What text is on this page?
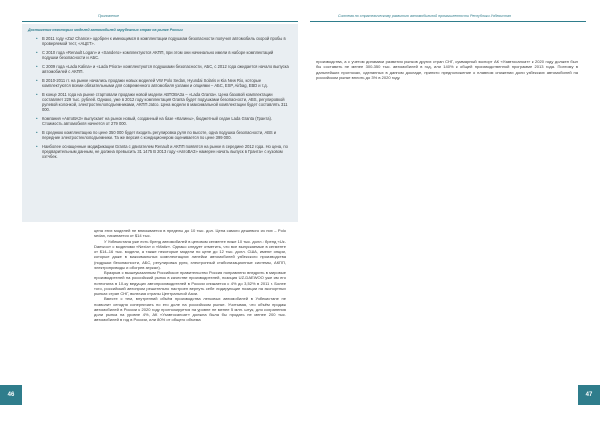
Приложение	Система по стратегическому развитию автомобильной промышленности Республики Узбекистан
Достижения некоторых моделей автомобилей зарубежных стран на рынке России
• В 2011 году «Zaz Chance» одобрен к имеющимся в комплектации подушкам безопасности получил автомобиль скорой пробы в проверяемой тест, «АЦЕТ».
• С 2010 года «Renault Logan» и «Sandero» комплектуются АКПП, при этом они начинально имели в наборе комплектаций подушки безопасности и АБС.
• С 2009 года «Lada Kalina» и «Lada Priora» комплектуются подушками безопасности, АБС, с 2012 года ожидается начало выпуска автомобилей с АКПП.
• В 2010-2011 гг. на рынке начались продажи новых моделей VW Polo Sedan, Hyundai Solaris и Kia New Rio, которые комплектуются всеми обязательными для современного автомобиля узлами и опциями – АБС, ESP, Airbag, EBD и т.д.
• В конце 2011 года на рынке стартовали продажи новой модели АВТОВАЗа – «Lada Granta». Цена базовой комплектации составляет 229 тыс. рублей. Однако, уже в 2012 году комплектация Granta будет подушками безопасности, ABS, регулировкой рулевой колонкой, электростеклоподъемниками, АКПП Jatco. Цена модели в максимальной комплектации будет составлять 311 000.
• Компания «АвтоВАЗ» выпускает на рынок новый, созданный на базе «Калины», бюджетный седан Lada Granta (Гранта). Стоимость автомобиля начнется от 279 000.
• В среднюю комплектацию по цене 350 000 будет входить регулировка руля по высоте, одна подушка безопасности, ABS и передние электростеклоподъемники. Та же версия с кондиционером оценивается по цене 399 000.
• Наиболее оснащенные модификации Granta с двигателем Renault и АКПП появятся на рынке в середине 2012 года. Но цена, по предварительным данным, не должна превысить 31 1475 В 2013 году «АвтоВАЗ» намерен начать выпуск в Гранта» с кузовом хэтчбек.

цена этих моделей не вписывается в пределы до 10 тыс. дол. Цена самого дешевого из них – Polo sedan, начинается от $14 тыс.

У Узбекистана уже есть бренд автомобилей в ценовом сегменте ниже 10 тыс. долл.: бренд «Uz-Daewoo» с моделями «Nexia» и «Matiz». Однако следует отметить, что все выпускаемые в сегменте от $14–16 тыс. модели, а также некоторые модели по цене до 12 тыс. долл. США, имеют опции, которые даже в максимальных комплектациях линейки автомобилей узбекского производства (подушки безопасности, АБС, регулировка руля, электронный стабилизационные системы, АКПП, электроприводы и обогрев зеркал).

Вразрыв с вышеуказанным Российское правительство Россия поправлено внедрить в мировые производителей на российский рынок в качестве производителей, позиция UZ-DAEWOO уже им его потеснила в 10-ку ведущих автопроизводителей в России снижается с 4% до 3,52% в 2011 г. Более того, российский автопром решительно настроен вернуть себе лидирующие позиции на экспортных рынках стран СНГ, включая страны Центральной Азии.

Вместе с тем, внутренний объём производства легковых автомобилей в Узбекистане не позволит сегодня соперничать по его доле на российском рынке. Учитывая, что объём продаж автомобилей в России к 2020 году прогнозируется на уровне не менее 5 млн. штук, для сохранения доли рынка на уровне 4%, АК «Узавтосаноат» должна была бы продать не менее 200 тыс. автомобилей в год в России, или 80% от общего объема

производства, а с учетом динамики развития рынков других стран СНГ, суммарный экспорт АК «Узавтосаноат» к 2020 году должен был бы составить не менее 300-350 тыс. автомобилей в год, или 140% к общей производственной программе 2013 года. Поэтому в дальнейших прогнозах, сделанных в данном докладе, принято предположение о плавном снижении доли узбекских автомобилей на российском рынке вплоть до 3% в 2020 году.

46	47
